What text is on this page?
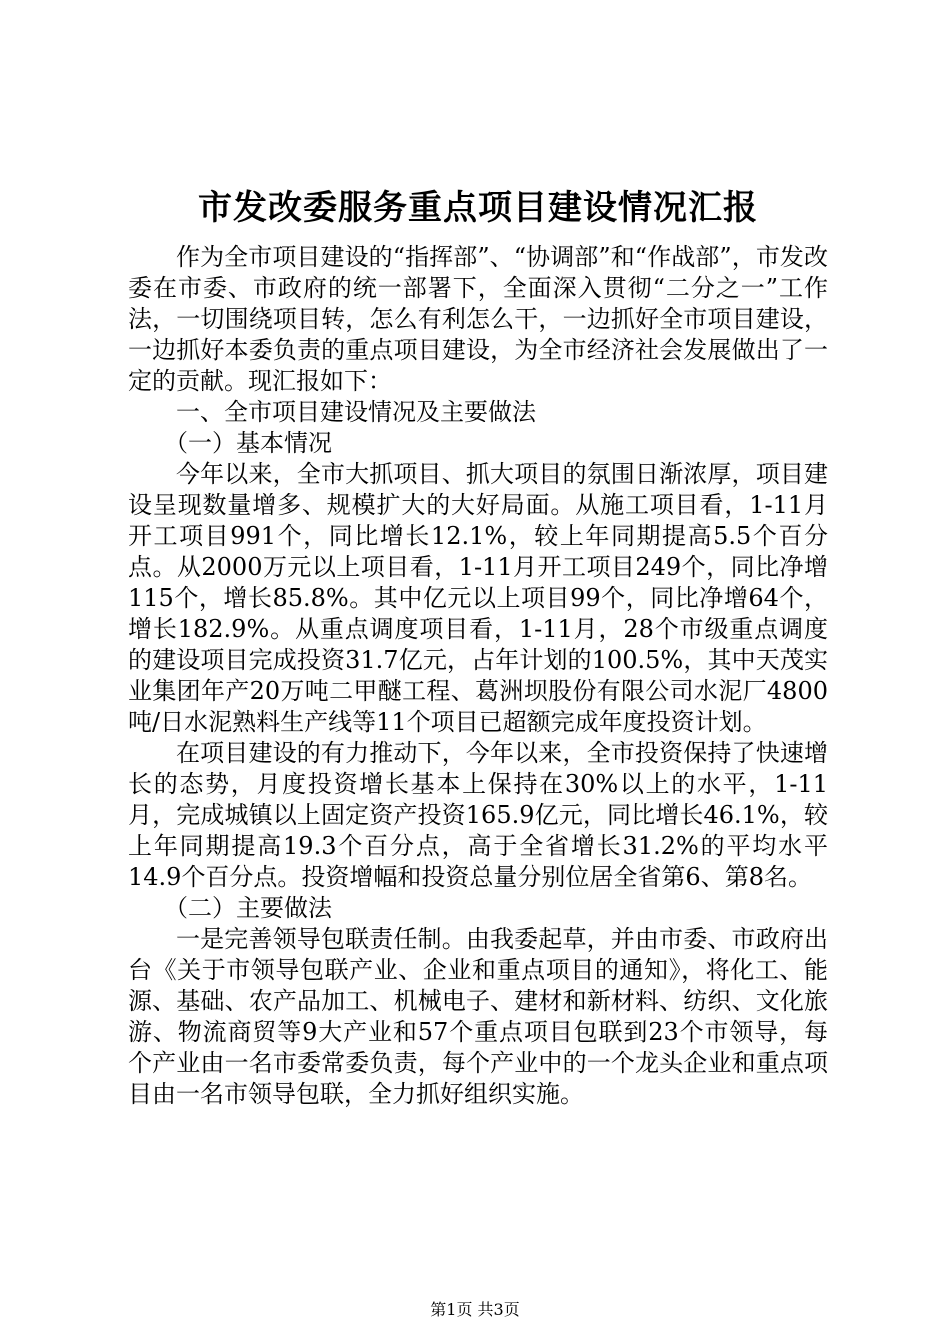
市发改委服务重点项目建设情况汇报

作为全市项目建设的“指挥部”、“协调部”和“作战部”，市发改委在市委、市政府的统一部署下，全面深入贯彻“二分之一”工作法，一切围绕项目转，怎么有利怎么干，一边抓好全市项目建设，一边抓好本委负责的重点项目建设，为全市经济社会发展做出了一定的贡献。现汇报如下：

一、全市项目建设情况及主要做法

（一）基本情况

今年以来，全市大抓项目、抓大项目的氛围日渐浓厚，项目建设呈现数量增多、规模扩大的大好局面。从施工项目看，1-11月开工项目991个，同比增长12.1%，较上年同期提高5.5个百分点。从2000万元以上项目看，1-11月开工项目249个，同比净增115个，增长85.8%。其中亿元以上项目99个，同比净增64个，增长182.9%。从重点调度项目看，1-11月，28个市级重点调度的建设项目完成投资31.7亿元，占年计划的100.5%，其中天茂实业集团年产20万吨二甲醚工程、葛洲坝股份有限公司水泥厂4800吨/日水泥熟料生产线等11个项目已超额完成年度投资计划。

在项目建设的有力推动下，今年以来，全市投资保持了快速增长的态势，月度投资增长基本上保持在30%以上的水平，1-11月，完成城镇以上固定资产投资165.9亿元，同比增长46.1%，较上年同期提高19.3个百分点，高于全省增长31.2%的平均水平14.9个百分点。投资增幅和投资总量分别位居全省第6、第8名。

（二）主要做法

一是完善领导包联责任制。由我委起草，并由市委、市政府出台《关于市领导包联产业、企业和重点项目的通知》，将化工、能源、基础、农产品加工、机械电子、建材和新材料、纺织、文化旅游、物流商贸等9大产业和57个重点项目包联到23个市领导，每个产业由一名市委常委负责，每个产业中的一个龙头企业和重点项目由一名市领导包联，全力抓好组织实施。

第1页 共3页
